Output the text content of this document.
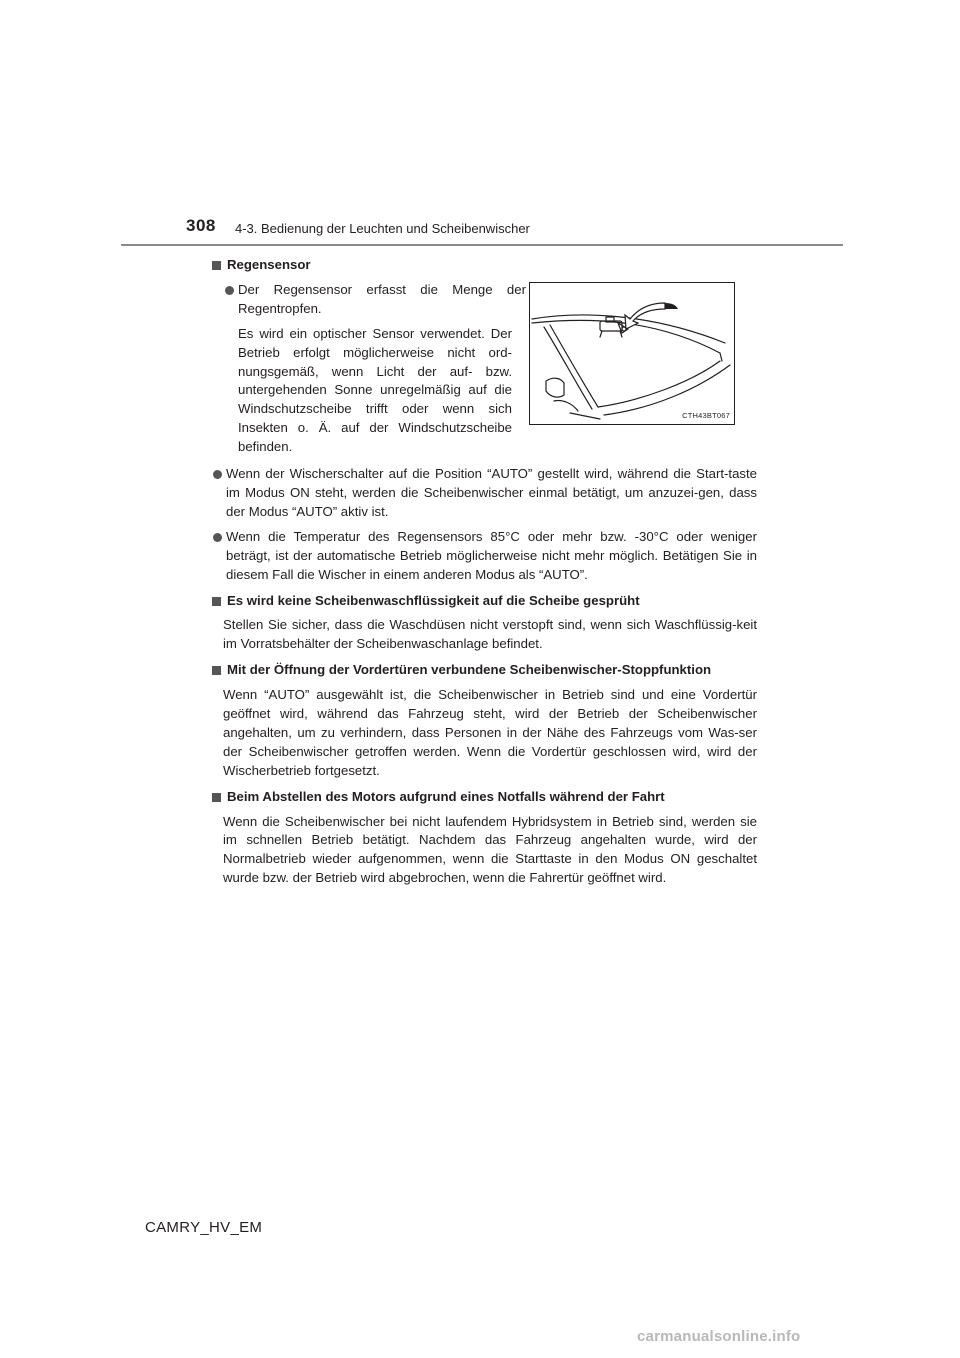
308 4-3. Bedienung der Leuchten und Scheibenwischer
CTH43BT067
Regensensor
Der Regensensor erfasst die Menge der Regentropfen.
Es wird ein optischer Sensor verwendet. Der Betrieb erfolgt möglicherweise nicht ord-nungsgemäß, wenn Licht der auf- bzw. untergehenden Sonne unregelmäßig auf die Windschutzscheibe trifft oder wenn sich Insekten o. Ä. auf der Windschutzscheibe befinden.
Wenn der Wischerschalter auf die Position “AUTO” gestellt wird, während die Start-taste im Modus ON steht, werden die Scheibenwischer einmal betätigt, um anzuzei-gen, dass der Modus “AUTO” aktiv ist.
Wenn die Temperatur des Regensensors 85°C oder mehr bzw. -30°C oder weniger beträgt, ist der automatische Betrieb möglicherweise nicht mehr möglich. Betätigen Sie in diesem Fall die Wischer in einem anderen Modus als “AUTO”.
Es wird keine Scheibenwaschflüssigkeit auf die Scheibe gesprüht
Stellen Sie sicher, dass die Waschdüsen nicht verstopft sind, wenn sich Waschflüssig-keit im Vorratsbehälter der Scheibenwaschanlage befindet.
Mit der Öffnung der Vordertüren verbundene Scheibenwischer-Stoppfunktion
Wenn “AUTO” ausgewählt ist, die Scheibenwischer in Betrieb sind und eine Vordertür geöffnet wird, während das Fahrzeug steht, wird der Betrieb der Scheibenwischer angehalten, um zu verhindern, dass Personen in der Nähe des Fahrzeugs vom Was-ser der Scheibenwischer getroffen werden. Wenn die Vordertür geschlossen wird, wird der Wischerbetrieb fortgesetzt.
Beim Abstellen des Motors aufgrund eines Notfalls während der Fahrt
Wenn die Scheibenwischer bei nicht laufendem Hybridsystem in Betrieb sind, werden sie im schnellen Betrieb betätigt. Nachdem das Fahrzeug angehalten wurde, wird der Normalbetrieb wieder aufgenommen, wenn die Starttaste in den Modus ON geschaltet wurde bzw. der Betrieb wird abgebrochen, wenn die Fahrertür geöffnet wird.
CAMRY_HV_EM
carmanualsonline.info
